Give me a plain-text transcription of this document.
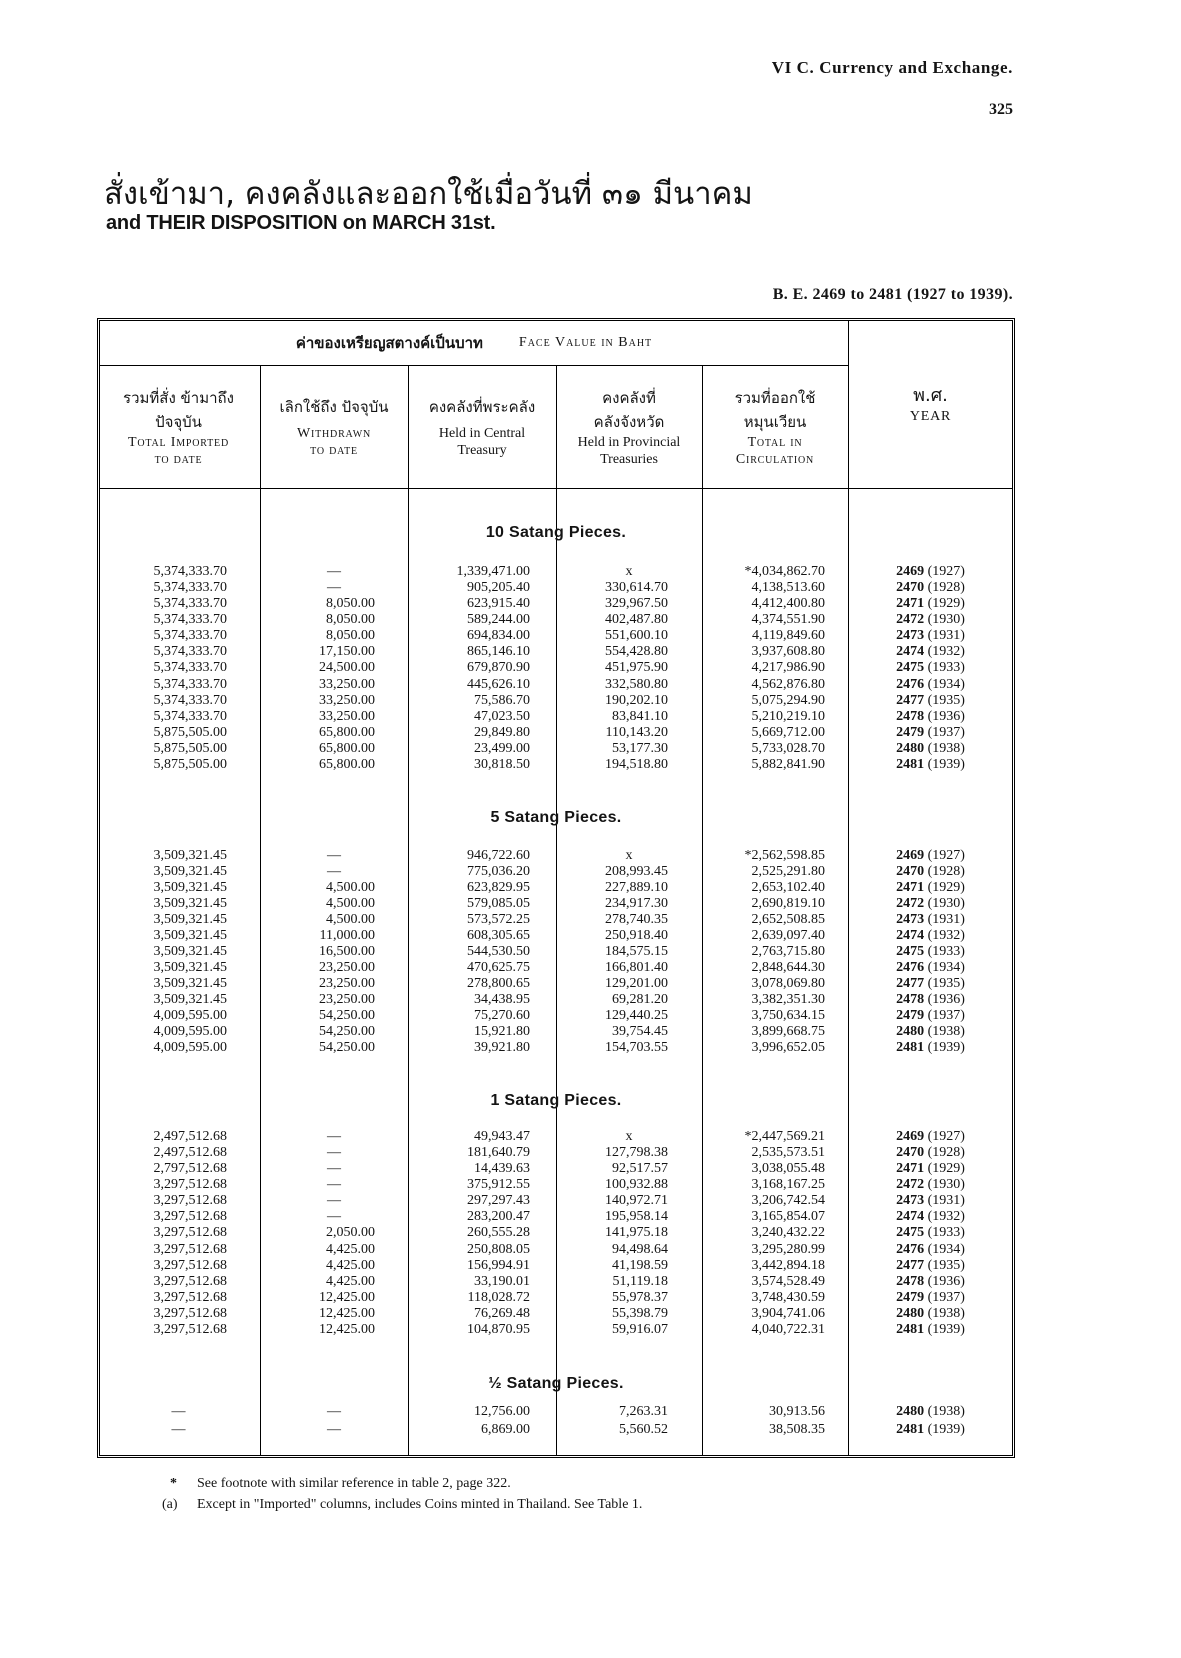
VI C. Currency and Exchange.
325
สั่งเข้ามา, คงคลังและออกใช้เมื่อวันที่ ๓๑ มีนาคม
and THEIR DISPOSITION on MARCH 31st.
B. E. 2469 to 2481 (1927 to 1939).
ค่าของเหรียญสตางค์เป็นบาท	Face Value in Baht
รวมที่สั่ง ข้ามาถึง
ปัจจุบัน
Total Imported
to date
เลิกใช้ถึง ปัจจุบัน
Withdrawn
to date
คงคลังที่พระคลัง
Held in Central
Treasury
คงคลังที่
คลังจังหวัด
Held in Provincial
Treasuries
รวมที่ออกใช้
หมุนเวียน
Total in
Circulation
พ.ศ.
YEAR
10 Satang Pieces.
5,374,333.70	—	1,339,471.00	x	*4,034,862.70	2469 (1927)
5,374,333.70	—	905,205.40	330,614.70	4,138,513.60	2470 (1928)
5,374,333.70	8,050.00	623,915.40	329,967.50	4,412,400.80	2471 (1929)
5,374,333.70	8,050.00	589,244.00	402,487.80	4,374,551.90	2472 (1930)
5,374,333.70	8,050.00	694,834.00	551,600.10	4,119,849.60	2473 (1931)
5,374,333.70	17,150.00	865,146.10	554,428.80	3,937,608.80	2474 (1932)
5,374,333.70	24,500.00	679,870.90	451,975.90	4,217,986.90	2475 (1933)
5,374,333.70	33,250.00	445,626.10	332,580.80	4,562,876.80	2476 (1934)
5,374,333.70	33,250.00	75,586.70	190,202.10	5,075,294.90	2477 (1935)
5,374,333.70	33,250.00	47,023.50	83,841.10	5,210,219.10	2478 (1936)
5,875,505.00	65,800.00	29,849.80	110,143.20	5,669,712.00	2479 (1937)
5,875,505.00	65,800.00	23,499.00	53,177.30	5,733,028.70	2480 (1938)
5,875,505.00	65,800.00	30,818.50	194,518.80	5,882,841.90	2481 (1939)
5 Satang Pieces.
3,509,321.45	—	946,722.60	x	*2,562,598.85	2469 (1927)
3,509,321.45	—	775,036.20	208,993.45	2,525,291.80	2470 (1928)
3,509,321.45	4,500.00	623,829.95	227,889.10	2,653,102.40	2471 (1929)
3,509,321.45	4,500.00	579,085.05	234,917.30	2,690,819.10	2472 (1930)
3,509,321.45	4,500.00	573,572.25	278,740.35	2,652,508.85	2473 (1931)
3,509,321.45	11,000.00	608,305.65	250,918.40	2,639,097.40	2474 (1932)
3,509,321.45	16,500.00	544,530.50	184,575.15	2,763,715.80	2475 (1933)
3,509,321.45	23,250.00	470,625.75	166,801.40	2,848,644.30	2476 (1934)
3,509,321.45	23,250.00	278,800.65	129,201.00	3,078,069.80	2477 (1935)
3,509,321.45	23,250.00	34,438.95	69,281.20	3,382,351.30	2478 (1936)
4,009,595.00	54,250.00	75,270.60	129,440.25	3,750,634.15	2479 (1937)
4,009,595.00	54,250.00	15,921.80	39,754.45	3,899,668.75	2480 (1938)
4,009,595.00	54,250.00	39,921.80	154,703.55	3,996,652.05	2481 (1939)
1 Satang Pieces.
2,497,512.68	—	49,943.47	x	*2,447,569.21	2469 (1927)
2,497,512.68	—	181,640.79	127,798.38	2,535,573.51	2470 (1928)
2,797,512.68	—	14,439.63	92,517.57	3,038,055.48	2471 (1929)
3,297,512.68	—	375,912.55	100,932.88	3,168,167.25	2472 (1930)
3,297,512.68	—	297,297.43	140,972.71	3,206,742.54	2473 (1931)
3,297,512.68	—	283,200.47	195,958.14	3,165,854.07	2474 (1932)
3,297,512.68	2,050.00	260,555.28	141,975.18	3,240,432.22	2475 (1933)
3,297,512.68	4,425.00	250,808.05	94,498.64	3,295,280.99	2476 (1934)
3,297,512.68	4,425.00	156,994.91	41,198.59	3,442,894.18	2477 (1935)
3,297,512.68	4,425.00	33,190.01	51,119.18	3,574,528.49	2478 (1936)
3,297,512.68	12,425.00	118,028.72	55,978.37	3,748,430.59	2479 (1937)
3,297,512.68	12,425.00	76,269.48	55,398.79	3,904,741.06	2480 (1938)
3,297,512.68	12,425.00	104,870.95	59,916.07	4,040,722.31	2481 (1939)
½ Satang Pieces.
—	—	12,756.00	7,263.31	30,913.56	2480 (1938)
—	—	6,869.00	5,560.52	38,508.35	2481 (1939)
* See footnote with similar reference in table 2, page 322.
(a) Except in "Imported" columns, includes Coins minted in Thailand. See Table 1.
